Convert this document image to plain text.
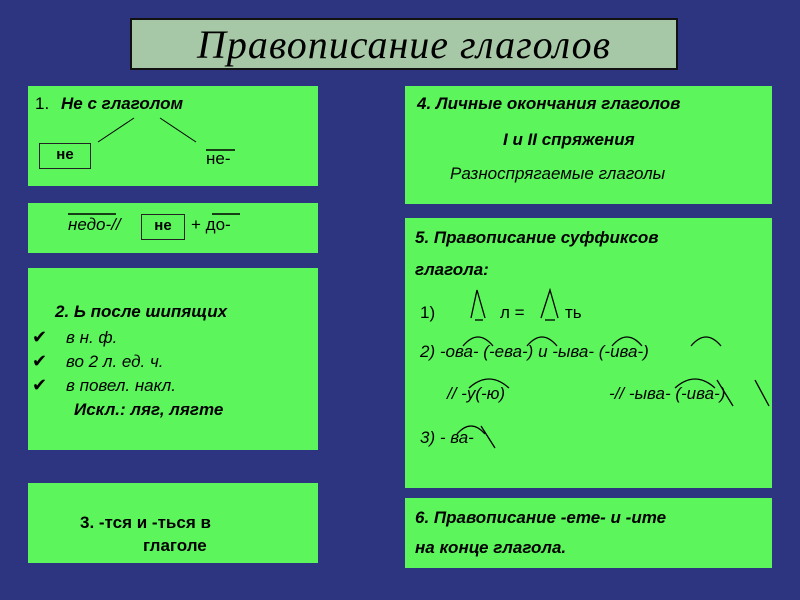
Правописание глаголов
1. Не с глаголом
не	не-
недо-//	не	+ до-
2. Ь после шипящих
✔ в н. ф.
✔ во 2 л. ед. ч.
✔ в повел. накл.
Искл.: ляг, лягте
3. -тся и -ться в
глаголе
4. Личные окончания глаголов
I и II спряжения
Разноспрягаемые глаголы
5. Правописание суффиксов
глагола:
1)	л = ть
2) -ова- (-ева-) и -ыва- (-ива-)
// -у(-ю)	-// -ыва- (-ива-)
3) - ва-
6. Правописание -ете- и -ите
на конце глагола.
